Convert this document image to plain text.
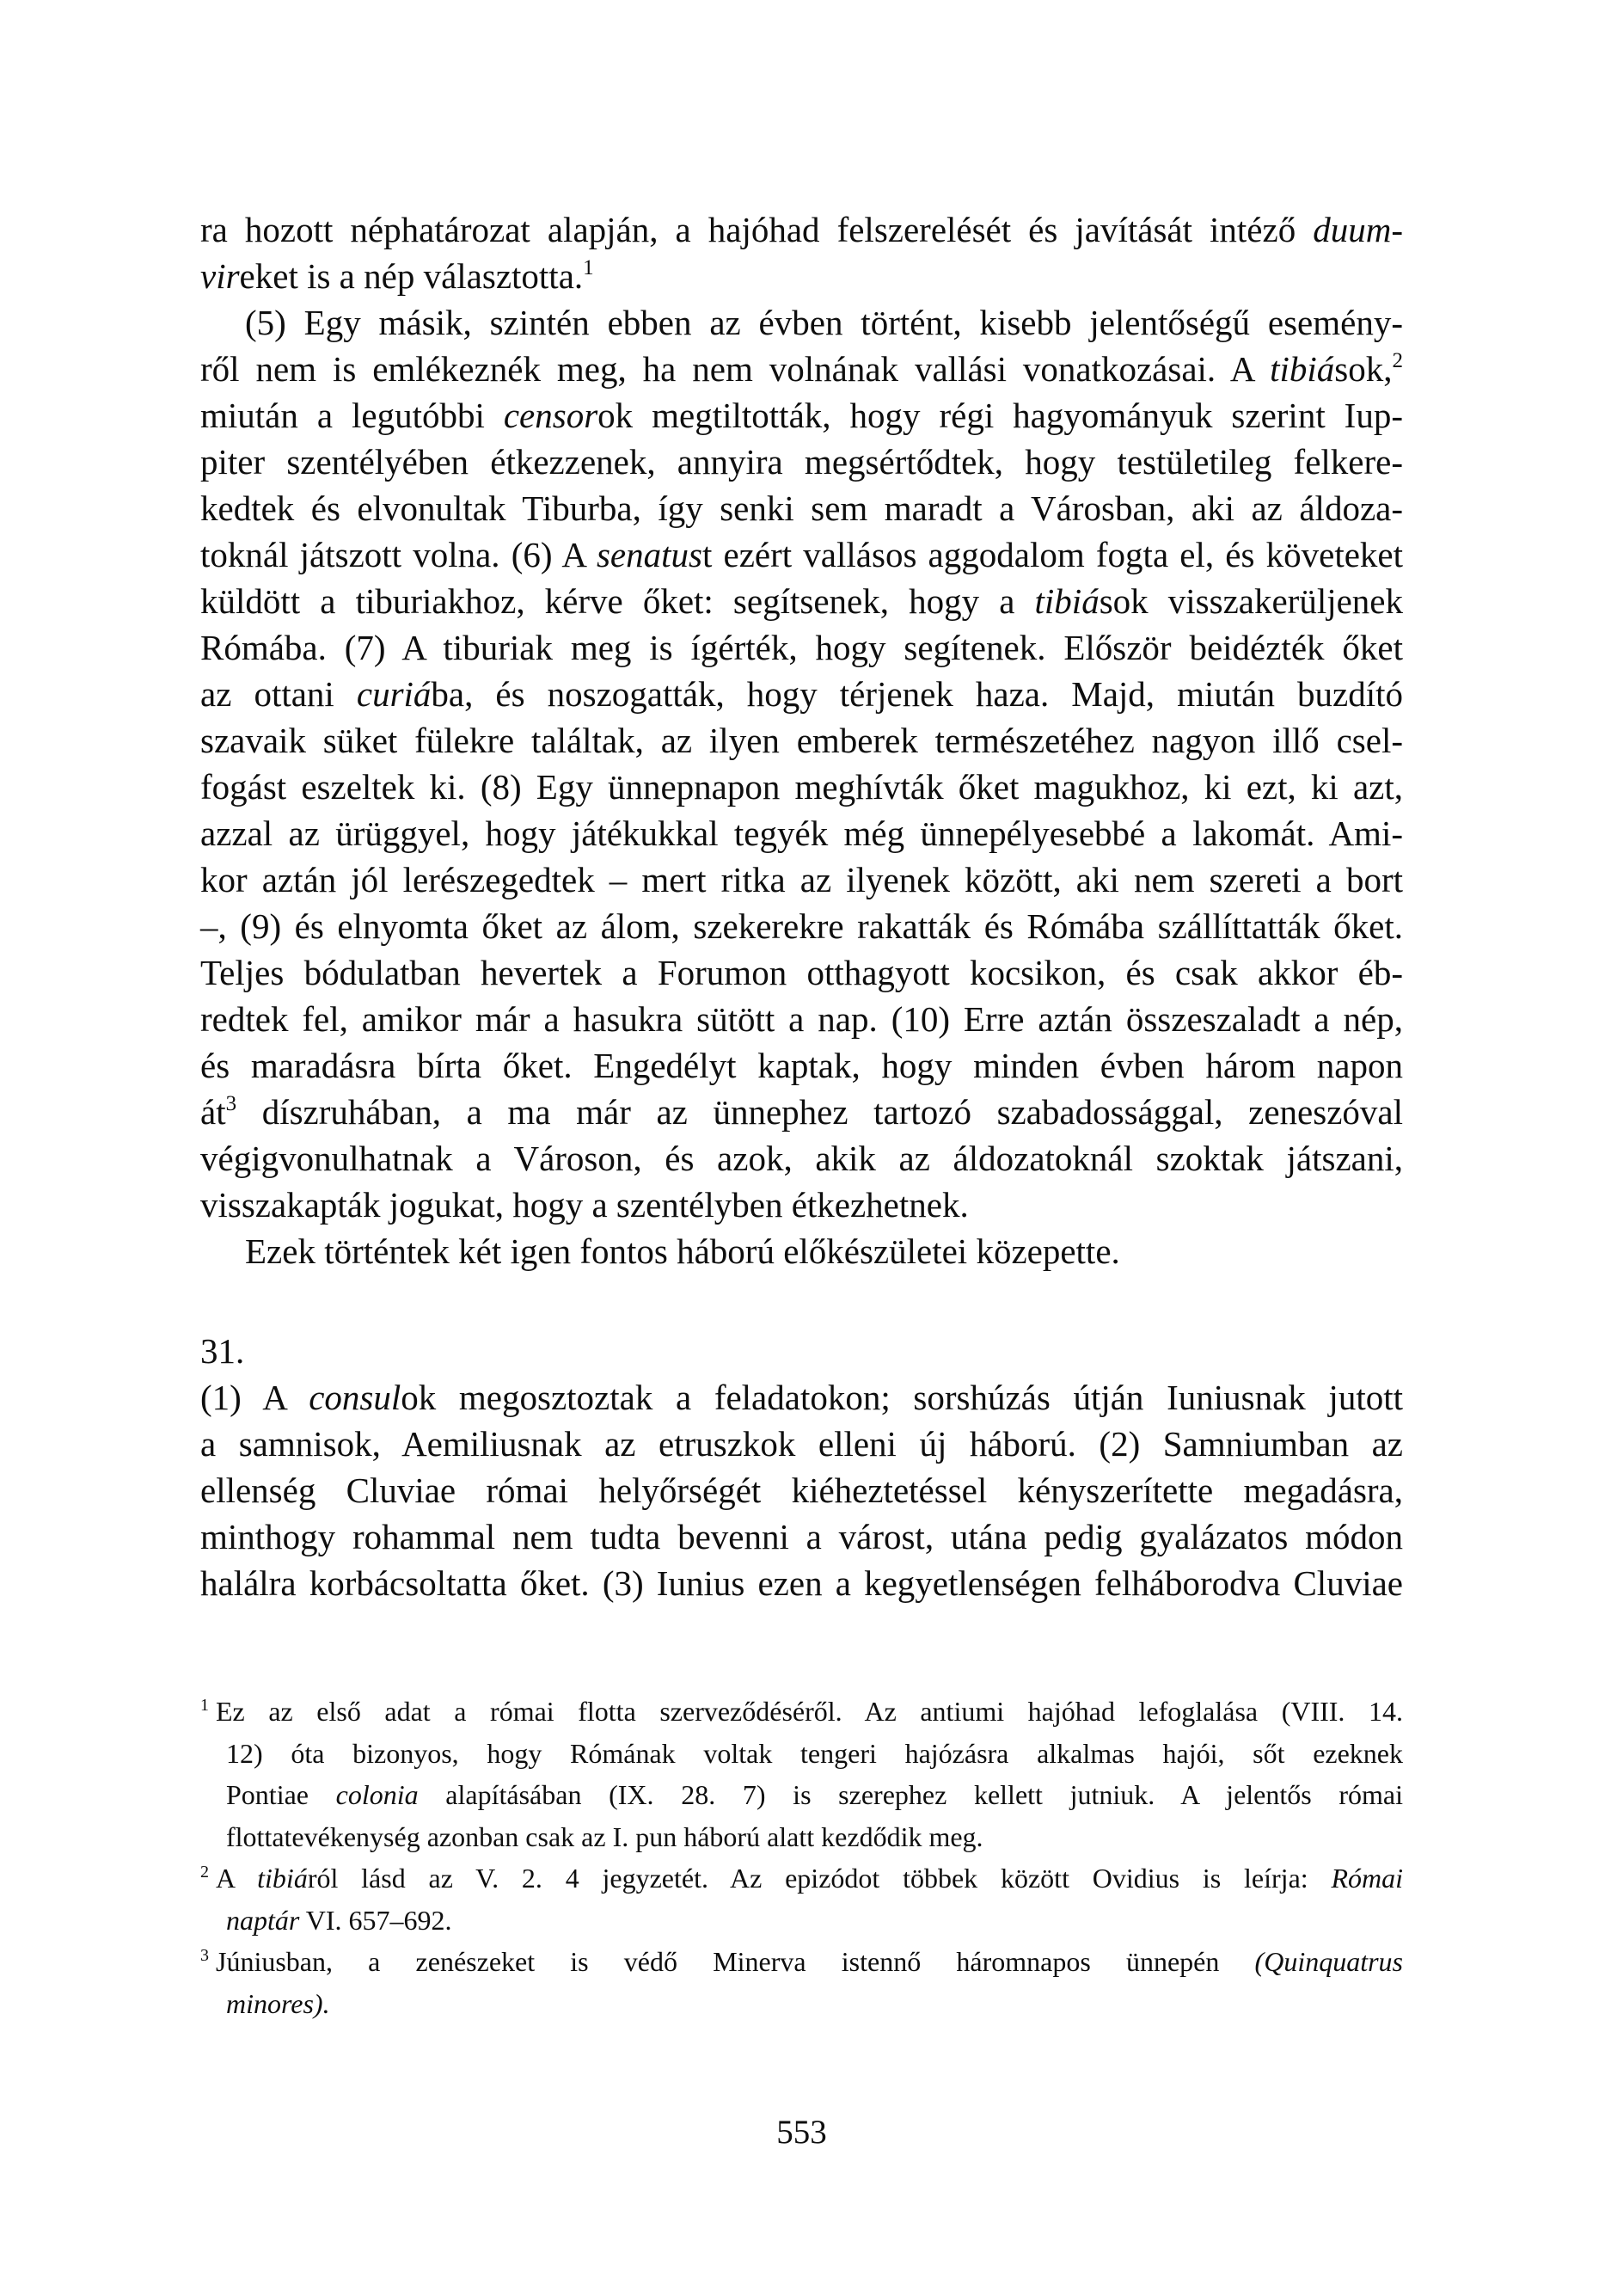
ra hozott néphatározat alapján, a hajóhad felszerelését és javítását intéző duum-
vireket is a nép választotta.$^1$
(5) Egy másik, szintén ebben az évben történt, kisebb jelentőségű esemény-
ről nem is emlékeznék meg, ha nem volnának vallási vonatkozásai. A tibiások,$^2$
miután a legutóbbi censorok megtiltották, hogy régi hagyományuk szerint Iup-
piter szentélyében étkezzenek, annyira megsértődtek, hogy testületileg felkere-
kedtek és elvonultak Tiburba, így senki sem maradt a Városban, aki az áldoza-
toknál játszott volna. (6) A senatust ezért vallásos aggodalom fogta el, és követeket
küldött a tiburiakhoz, kérve őket: segítsenek, hogy a tibiások visszakerüljenek
Rómába. (7) A tiburiak meg is ígérték, hogy segítenek. Először beidézték őket
az ottani curiába, és noszogatták, hogy térjenek haza. Majd, miután buzdító
szavaik süket fülekre találtak, az ilyen emberek természetéhez nagyon illő csel-
fogást eszeltek ki. (8) Egy ünnepnapon meghívták őket magukhoz, ki ezt, ki azt,
azzal az ürüggyel, hogy játékukkal tegyék még ünnepélyesebbé a lakomát. Ami-
kor aztán jól lerészegedtek – mert ritka az ilyenek között, aki nem szereti a bort
–, (9) és elnyomta őket az álom, szekerekre rakatták és Rómába szállíttatták őket.
Teljes bódulatban hevertek a Forumon otthagyott kocsikon, és csak akkor éb-
redtek fel, amikor már a hasukra sütött a nap. (10) Erre aztán összeszaladt a nép,
és maradásra bírta őket. Engedélyt kaptak, hogy minden évben három napon
$át^3$ díszruhában, a ma már az ünnephez tartozó szabadossággal, zeneszóval
végigvonulhatnak a Városon, és azok, akik az áldozatoknál szoktak játszani,
visszakapták jogukat, hogy a szentélyben étkezhetnek.
Ezek történtek két igen fontos háború előkészületei közepette.
31.
(1) A consulok megosztoztak a feladatokon; sorshúzás útján Iuniusnak jutott
a samnisok, Aemiliusnak az etruszkok elleni új háború. (2) Samniumban az
ellenség Cluviae római helyőrségét kiéheztetéssel kényszerítette megadásra,
minthogy rohammal nem tudta bevenni a várost, utána pedig gyalázatos módon
halálra korbácsoltatta őket. (3) Iunius ezen a kegyetlenségen felháborodva Cluviae
$^1$ Ez az első adat a római flotta szerveződéséről. Az antiumi hajóhad lefoglalása (VIII. 14.
12) óta bizonyos, hogy Rómának voltak tengeri hajózásra alkalmas hajói, sőt ezeknek
Pontiae colonia alapításában (IX. 28. 7) is szerephez kellett jutniuk. A jelentős római
flottatevékenység azonban csak az I. pun háború alatt kezdődik meg.
$^2$ A tibiáról lásd az V. 2. 4 jegyzetét. Az epizódot többek között Ovidius is leírja: Római
naptár VI. 657–692.
$^3$ Júniusban, a zenészeket is védő Minerva istennő háromnapos ünnepén (Quinquatrus
minores).
553
